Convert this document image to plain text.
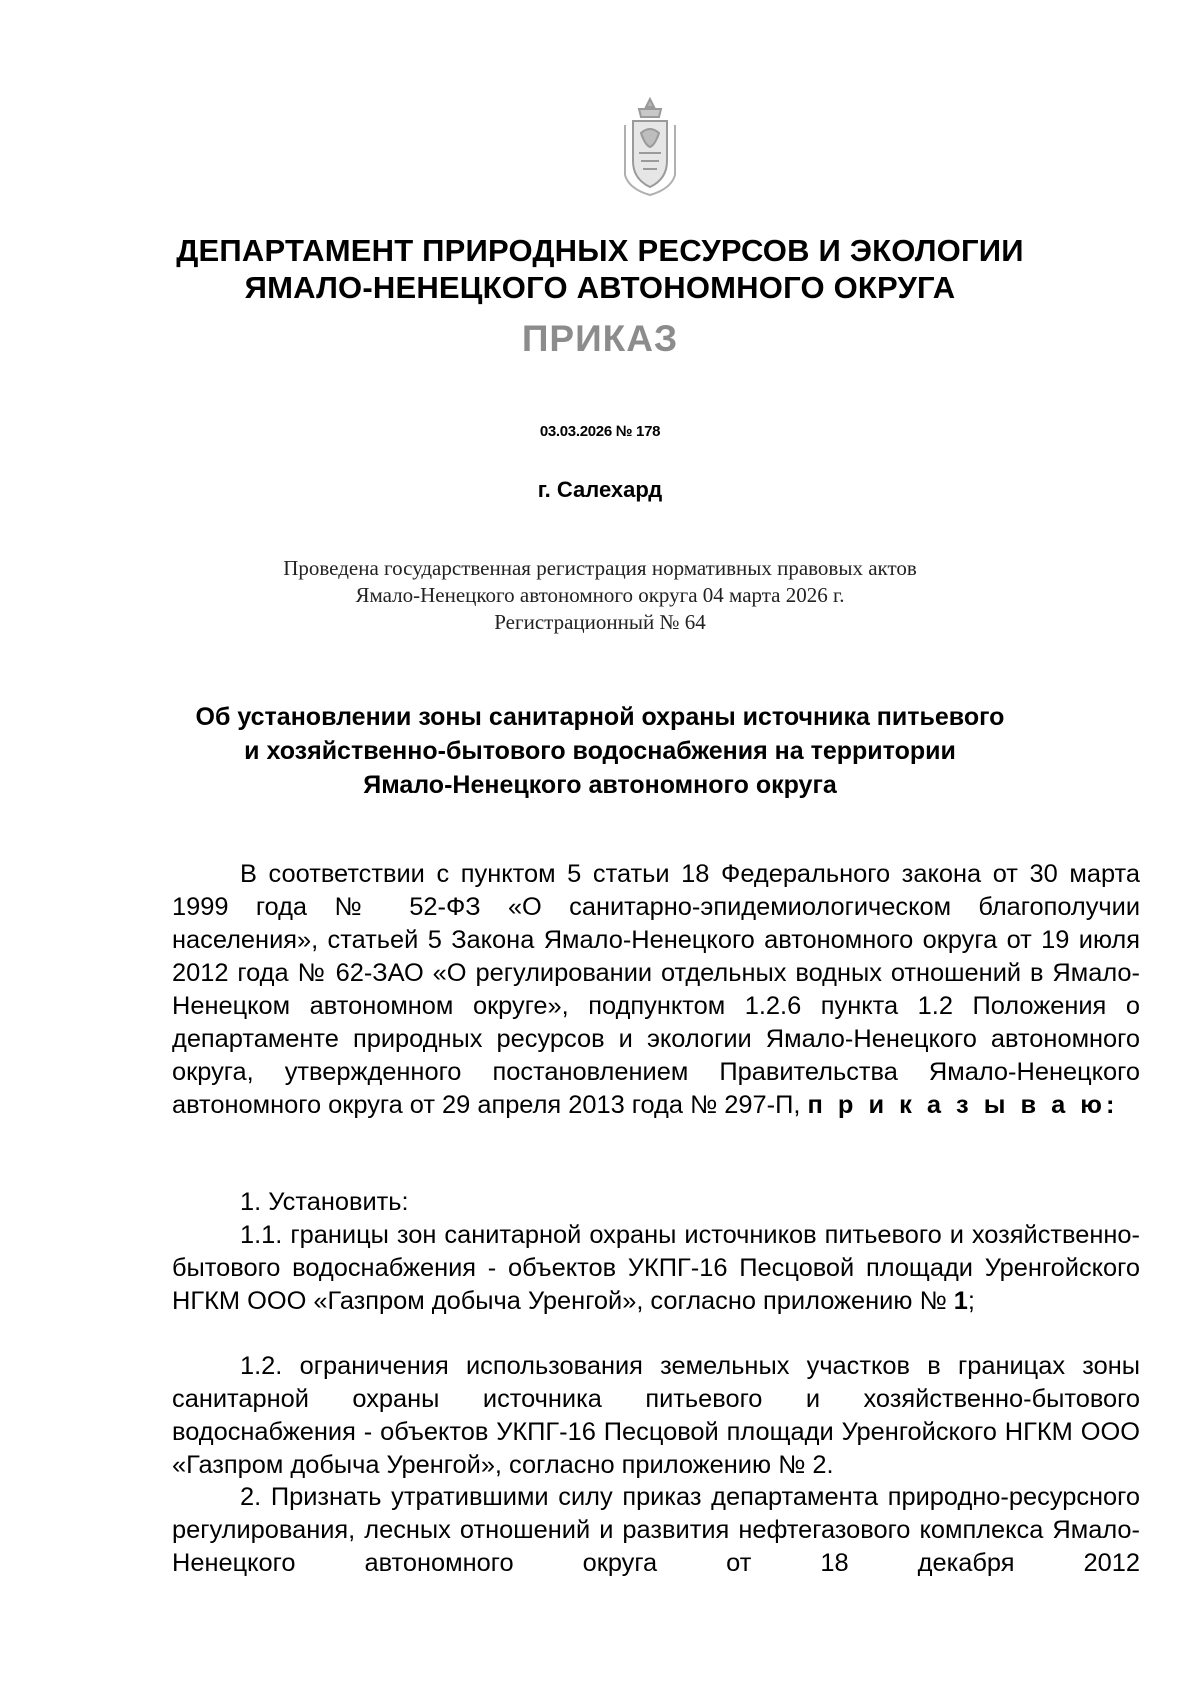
ДЕПАРТАМЕНТ ПРИРОДНЫХ РЕСУРСОВ И ЭКОЛОГИИ
ЯМАЛО-НЕНЕЦКОГО АВТОНОМНОГО ОКРУГА
ПРИКАЗ
03.03.2026 № 178
г. Салехард
Проведена государственная регистрация нормативных правовых актов
Ямало-Ненецкого автономного округа 04 марта 2026 г.
Регистрационный № 64
Об установлении зоны санитарной охраны источника питьевого
и хозяйственно-бытового водоснабжения на территории
Ямало-Ненецкого автономного округа

В соответствии с пунктом 5 статьи 18 Федерального закона от 30 марта 1999 года № 52-ФЗ «О санитарно-эпидемиологическом благополучии населения», статьей 5 Закона Ямало-Ненецкого автономного округа от 19 июля 2012 года № 62-ЗАО «О регулировании отдельных водных отношений в Ямало-Ненецком автономном округе», подпунктом 1.2.6 пункта 1.2 Положения о департаменте природных ресурсов и экологии Ямало-Ненецкого автономного округа, утвержденного постановлением Правительства Ямало-Ненецкого автономного округа от 29 апреля 2013 года № 297-П, п р и к а з ы в а ю:

1. Установить:

1.1. границы зон санитарной охраны источников питьевого и хозяйственно-бытового водоснабжения - объектов УКПГ-16 Песцовой площади Уренгойского НГКМ ООО «Газпром добыча Уренгой», согласно приложению № 1;

1.2. ограничения использования земельных участков в границах зоны санитарной охраны источника питьевого и хозяйственно-бытового водоснабжения - объектов УКПГ-16 Песцовой площади Уренгойского НГКМ ООО «Газпром добыча Уренгой», согласно приложению № 2.

2. Признать утратившими силу приказ департамента природно-ресурсного регулирования, лесных отношений и развития нефтегазового комплекса Ямало-Ненецкого автономного округа от 18 декабря 2012
